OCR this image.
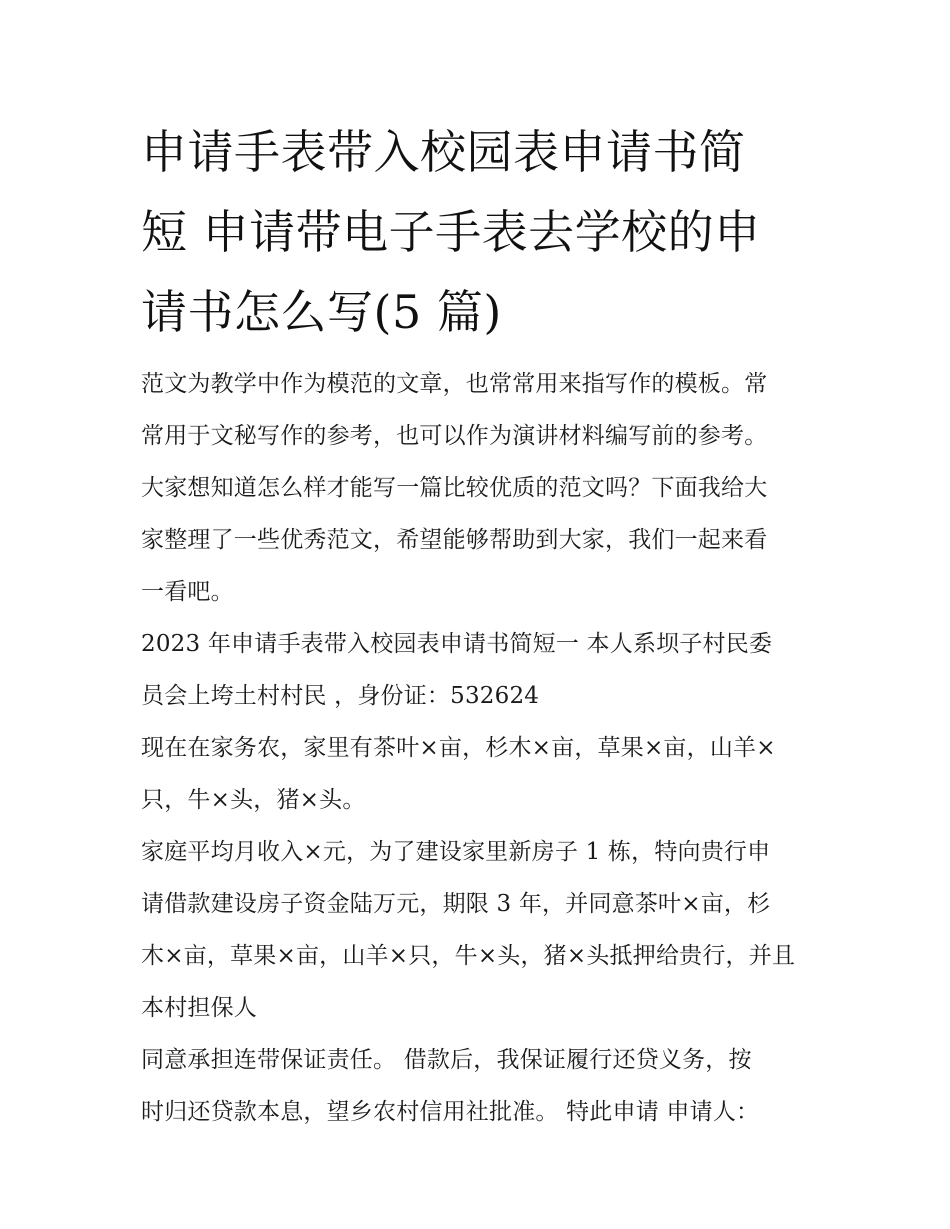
申请手表带入校园表申请书简
短 申请带电子手表去学校的申
请书怎么写(5 篇)

范文为教学中作为模范的文章，也常常用来指写作的模板。常

常用于文秘写作的参考，也可以作为演讲材料编写前的参考。

大家想知道怎么样才能写一篇比较优质的范文吗？下面我给大

家整理了一些优秀范文，希望能够帮助到大家，我们一起来看

一看吧。

2023 年申请手表带入校园表申请书简短一 本人系坝子村民委

员会上垮土村村民 ，身份证：532624

现在在家务农，家里有茶叶×亩，杉木×亩，草果×亩，山羊×

只，牛×头，猪×头。

家庭平均月收入×元，为了建设家里新房子 1 栋，特向贵行申

请借款建设房子资金陆万元，期限 3 年，并同意茶叶×亩，杉

木×亩，草果×亩，山羊×只，牛×头，猪×头抵押给贵行，并且

本村担保人

同意承担连带保证责任。 借款后，我保证履行还贷义务，按

时归还贷款本息，望乡农村信用社批准。 特此申请 申请人：
